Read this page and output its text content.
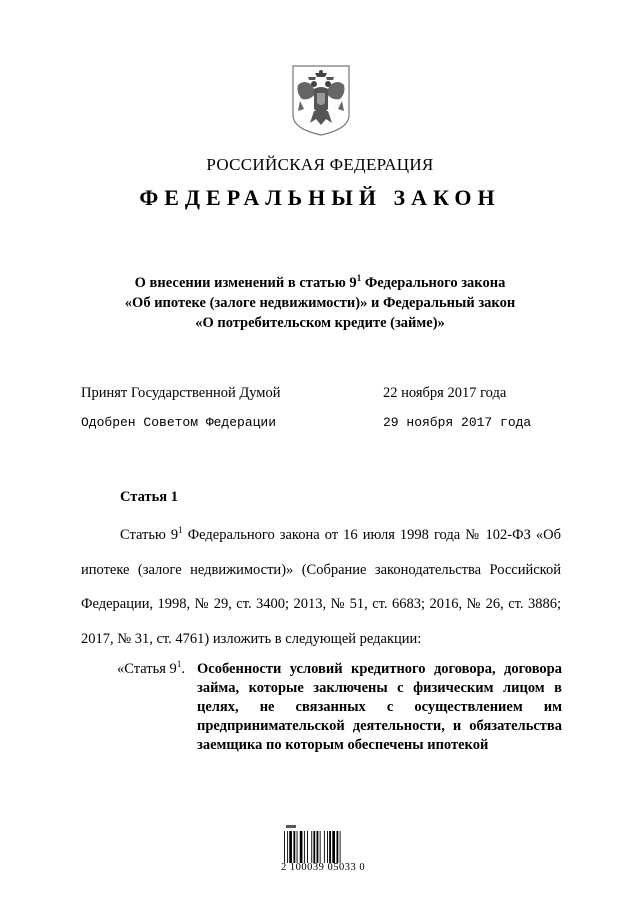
РОССИЙСКАЯ ФЕДЕРАЦИЯ
ФЕДЕРАЛЬНЫЙ ЗАКОН
О внесении изменений в статью $9^1$ Федерального закона
«Об ипотеке (залоге недвижимости)» и Федеральный закон
«О потребительском кредите (займе)»
Принят Государственной Думой	22 ноября 2017 года
Одобрен Советом Федерации	29 ноября 2017 года
Статья 1

Статью $9^1$ Федерального закона от 16 июля 1998 года № 102-ФЗ «Об ипотеке (залоге недвижимости)» (Собрание законодательства Российской Федерации, 1998, № 29, ст. 3400; 2013, № 51, ст. 6683; 2016, № 26, ст. 3886; 2017, № 31, ст. 4761) изложить в следующей редакции:

«Статья $9^1$. Особенности условий кредитного договора, договора займа, которые заключены с физическим лицом в целях, не связанных с осуществлением им предпринимательской деятельности, и обязательства заемщика по которым обеспечены ипотекой
2 100039 05033 0
